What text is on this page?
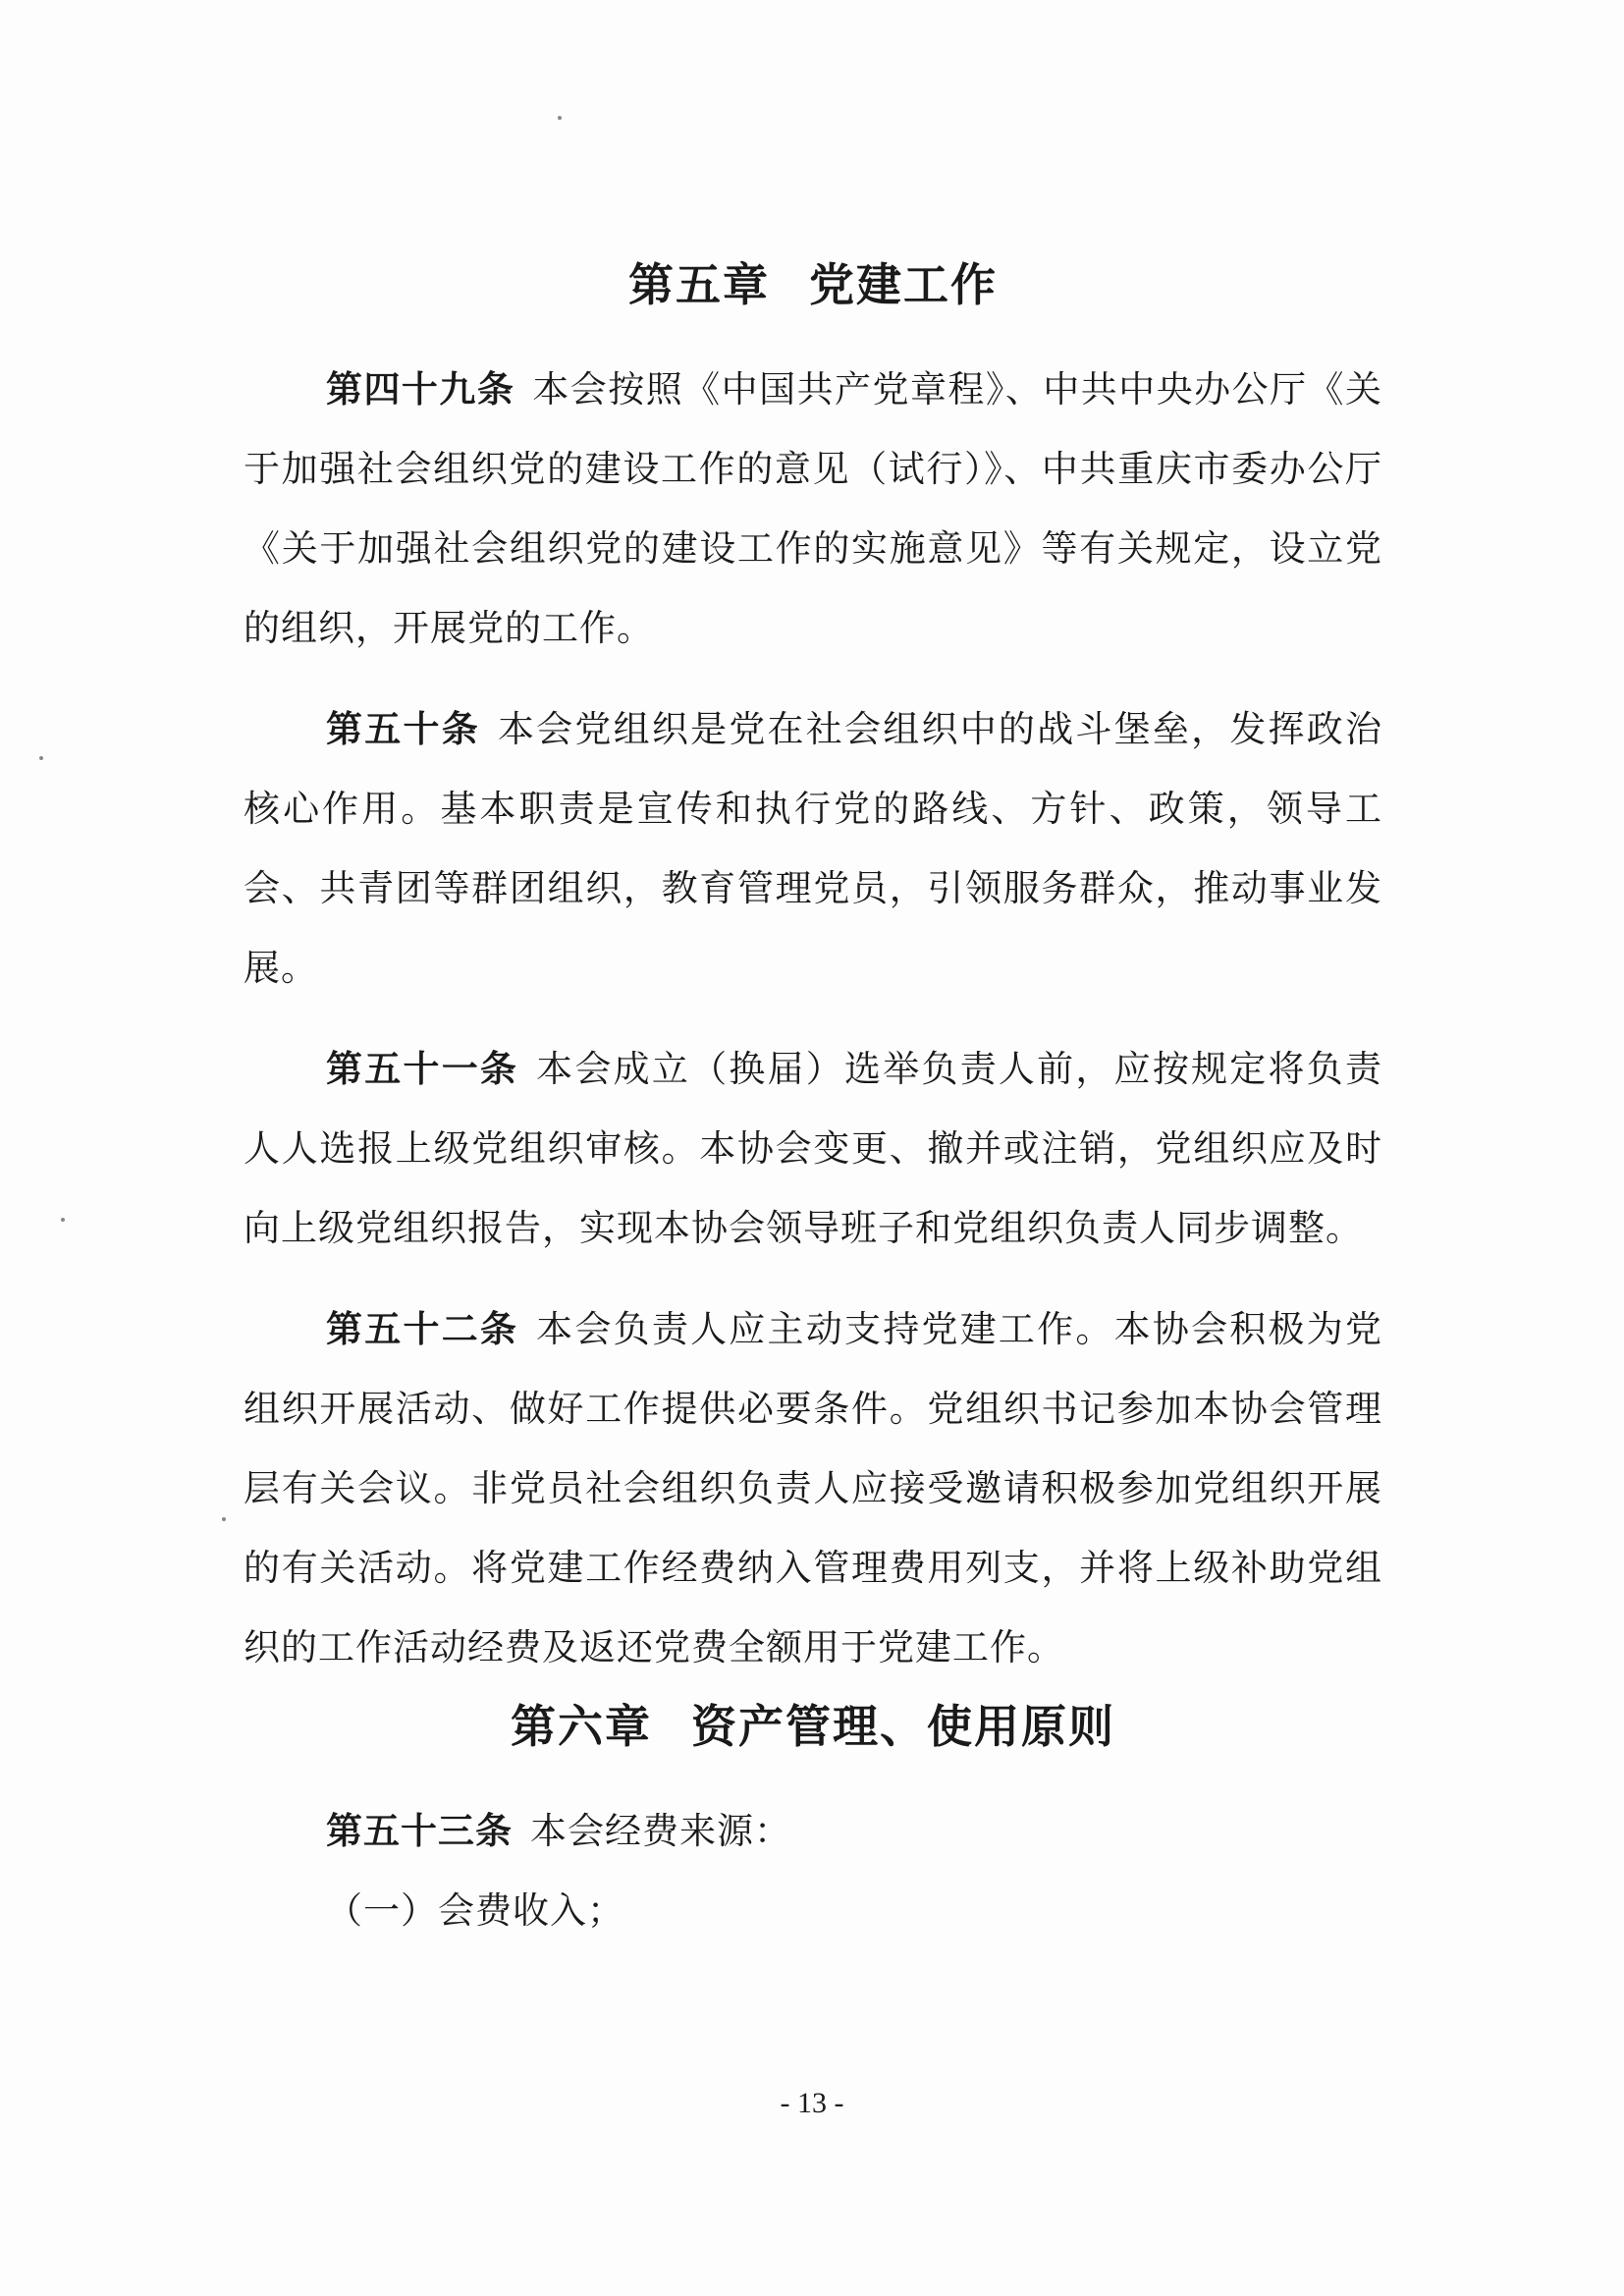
第五章 党建工作

第四十九条 本会按照《中国共产党章程》、中共中央办公厅《关于加强社会组织党的建设工作的意见（试行）》、中共重庆市委办公厅《关于加强社会组织党的建设工作的实施意见》等有关规定，设立党的组织，开展党的工作。

第五十条 本会党组织是党在社会组织中的战斗堡垒，发挥政治核心作用。基本职责是宣传和执行党的路线、方针、政策，领导工会、共青团等群团组织，教育管理党员，引领服务群众，推动事业发展。

第五十一条 本会成立（换届）选举负责人前，应按规定将负责人人选报上级党组织审核。本协会变更、撤并或注销，党组织应及时向上级党组织报告，实现本协会领导班子和党组织负责人同步调整。

第五十二条 本会负责人应主动支持党建工作。本协会积极为党组织开展活动、做好工作提供必要条件。党组织书记参加本协会管理层有关会议。非党员社会组织负责人应接受邀请积极参加党组织开展的有关活动。将党建工作经费纳入管理费用列支，并将上级补助党组织的工作活动经费及返还党费全额用于党建工作。

第六章 资产管理、使用原则

第五十三条 本会经费来源：

（一）会费收入；

- 13 -
